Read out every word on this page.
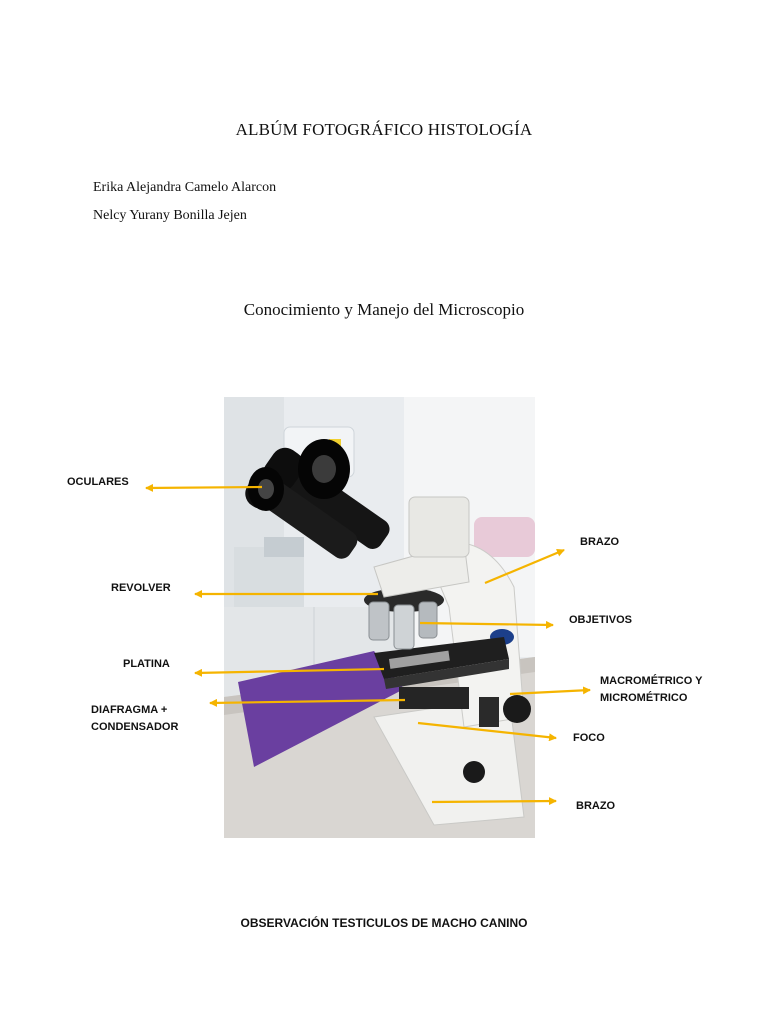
ALBÚM FOTOGRÁFICO HISTOLOGÍA
Erika Alejandra Camelo Alarcon
Nelcy Yurany Bonilla Jejen
Conocimiento y Manejo del Microscopio
OCULARES
BRAZO
REVOLVER
OBJETIVOS
PLATINA
MACROMÉTRICO Y
MICROMÉTRICO
DIAFRAGMA +
CONDENSADOR
FOCO
BRAZO
OBSERVACIÓN TESTICULOS DE MACHO CANINO
